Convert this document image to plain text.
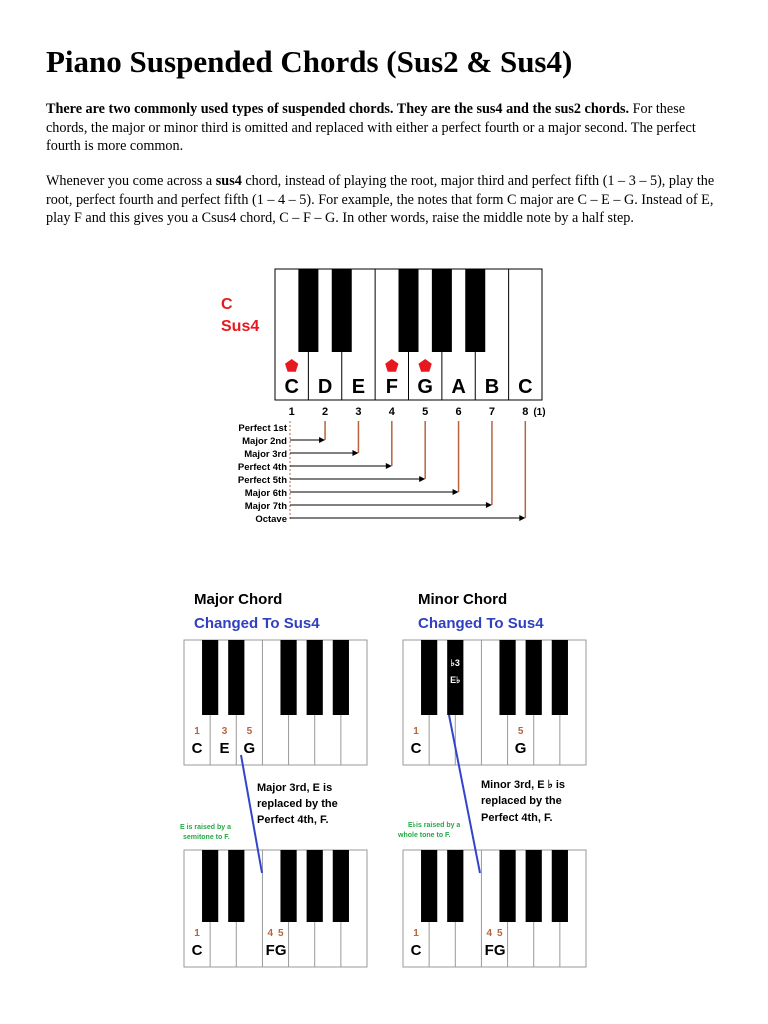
Piano Suspended Chords (Sus2 & Sus4)

There are two commonly used types of suspended chords. They are the sus4 and the sus2 chords. For these chords, the major or minor third is omitted and replaced with either a perfect fourth or a major second. The perfect fourth is more common.

Whenever you come across a sus4 chord, instead of playing the root, major third and perfect fifth (1 – 3 – 5), play the root, perfect fourth and perfect fifth (1 – 4 – 5). For example, the notes that form C major are C – E – G. Instead of E, play F and this gives you a Csus4 chord, C – F – G. In other words, raise the middle note by a half step.

C
Sus4
C D E F G A B C
1 2 3 4 5 6 7 8 (1)
Perfect 1st
Major 2nd
Major 3rd
Perfect 4th
Perfect 5th
Major 6th
Major 7th
Octave
Major Chord
Changed To Sus4
1 3 5
C E G
1	4 5
C	F G
Major 3rd, E is
replaced by the
Perfect 4th, F.
E is raised by a
semitone to F.
Minor Chord
Changed To Sus4
1	5
C	G
♭3
E♭
1	4 5
C	F G
Minor 3rd, E ♭ is
replaced by the
Perfect 4th, F.
E♭is raised by a
whole tone to F.
